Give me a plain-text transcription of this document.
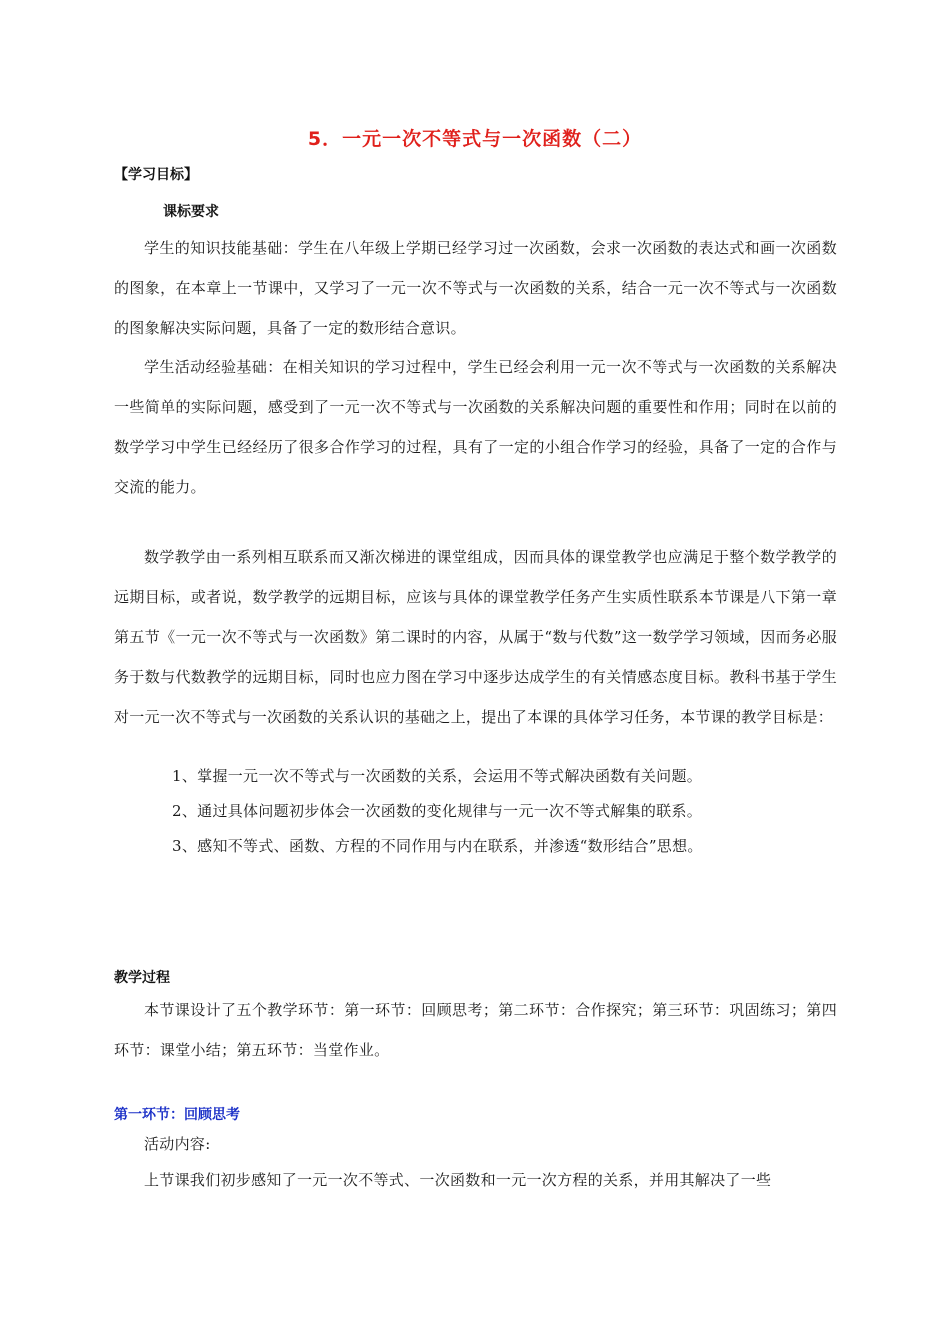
5．一元一次不等式与一次函数（二）
【学习目标】
课标要求

学生的知识技能基础：学生在八年级上学期已经学习过一次函数，会求一次函数的表达式和画一次函数的图象，在本章上一节课中，又学习了一元一次不等式与一次函数的关系，结合一元一次不等式与一次函数的图象解决实际问题，具备了一定的数形结合意识。

学生活动经验基础：在相关知识的学习过程中，学生已经会利用一元一次不等式与一次函数的关系解决一些简单的实际问题，感受到了一元一次不等式与一次函数的关系解决问题的重要性和作用；同时在以前的数学学习中学生已经经历了很多合作学习的过程，具有了一定的小组合作学习的经验，具备了一定的合作与交流的能力。

数学教学由一系列相互联系而又渐次梯进的课堂组成，因而具体的课堂教学也应满足于整个数学教学的远期目标，或者说，数学教学的远期目标，应该与具体的课堂教学任务产生实质性联系本节课是八下第一章第五节《一元一次不等式与一次函数》第二课时的内容，从属于“数与代数”这一数学学习领域，因而务必服务于数与代数教学的远期目标，同时也应力图在学习中逐步达成学生的有关情感态度目标。教科书基于学生对一元一次不等式与一次函数的关系认识的基础之上，提出了本课的具体学习任务，本节课的教学目标是：

1、掌握一元一次不等式与一次函数的关系，会运用不等式解决函数有关问题。
2、通过具体问题初步体会一次函数的变化规律与一元一次不等式解集的联系。
3、感知不等式、函数、方程的不同作用与内在联系，并渗透“数形结合”思想。
教学过程

本节课设计了五个教学环节：第一环节：回顾思考；第二环节：合作探究；第三环节：巩固练习；第四环节：课堂小结；第五环节：当堂作业。

第一环节：回顾思考

活动内容:

上节课我们初步感知了一元一次不等式、一次函数和一元一次方程的关系，并用其解决了一些
